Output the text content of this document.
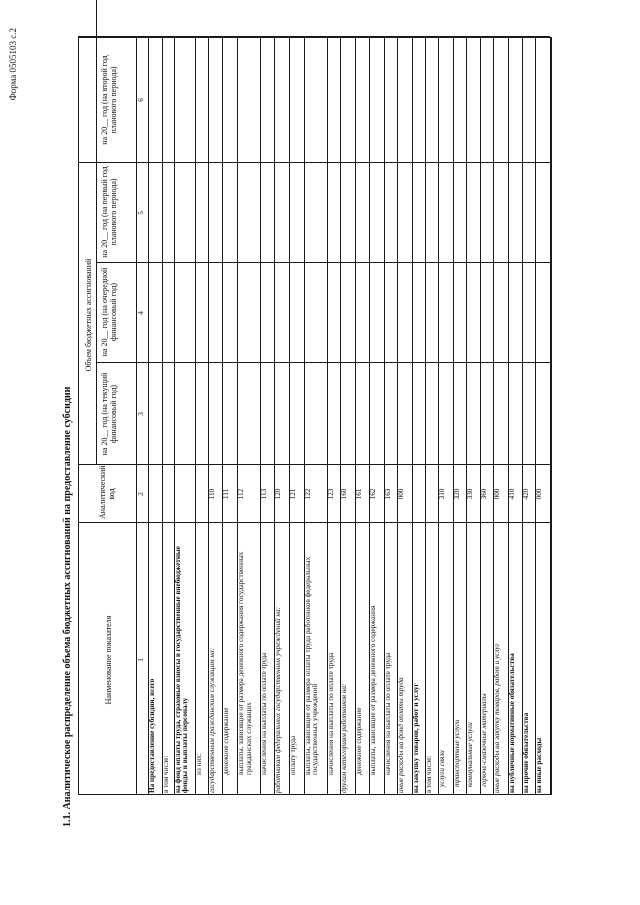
Форма 0505103 с.2
1.1. Аналитическое распределение объема бюджетных ассигнований на предоставление субсидии	Наименование показателя
Аналитический код
Объем бюджетных ассигнований
на 20__ год (на текущий финансовый год)
на 20__ год (на очередной финансовый год)
на 20__ год (на первый год планового периода)
на 20__ год (на второй год планового периода)
1
2
3
4
5
6
На предоставление субсидии, всего в том числе: на фонд оплаты труда, страховые взносы в государственные внебюджетные фонды и выплаты персоналу из них: государственным гражданским служащим на:
110
денежное содержание
111
выплаты, зависящие от размера денежного содержания государственных гражданских служащих
112
начисления на выплаты по оплате труда
113
работникам федеральных государственных учреждений на:
120
оплату труда
121
выплаты, зависящие от размера оплаты труда работников федеральных государственных учреждений
122
начисления на выплаты по оплате труда
123
другим категориям работников на:
160
денежное содержание
161
выплаты, зависящие от размера денежного содержания
162
начисления на выплаты по оплате труда
163
иные расходы на фонд оплаты труда
000
на закупку товаров, работ и услуг в том числе: услуги связи
310
транспортные услуги
320
коммунальные услуги
330
горюче-смазочные материалы
360
иные расходы на закупку товаров, работ и услуг
000
на публичные нормативные обязательства
410
на прочие обязательства
420
на иные расходы
000
